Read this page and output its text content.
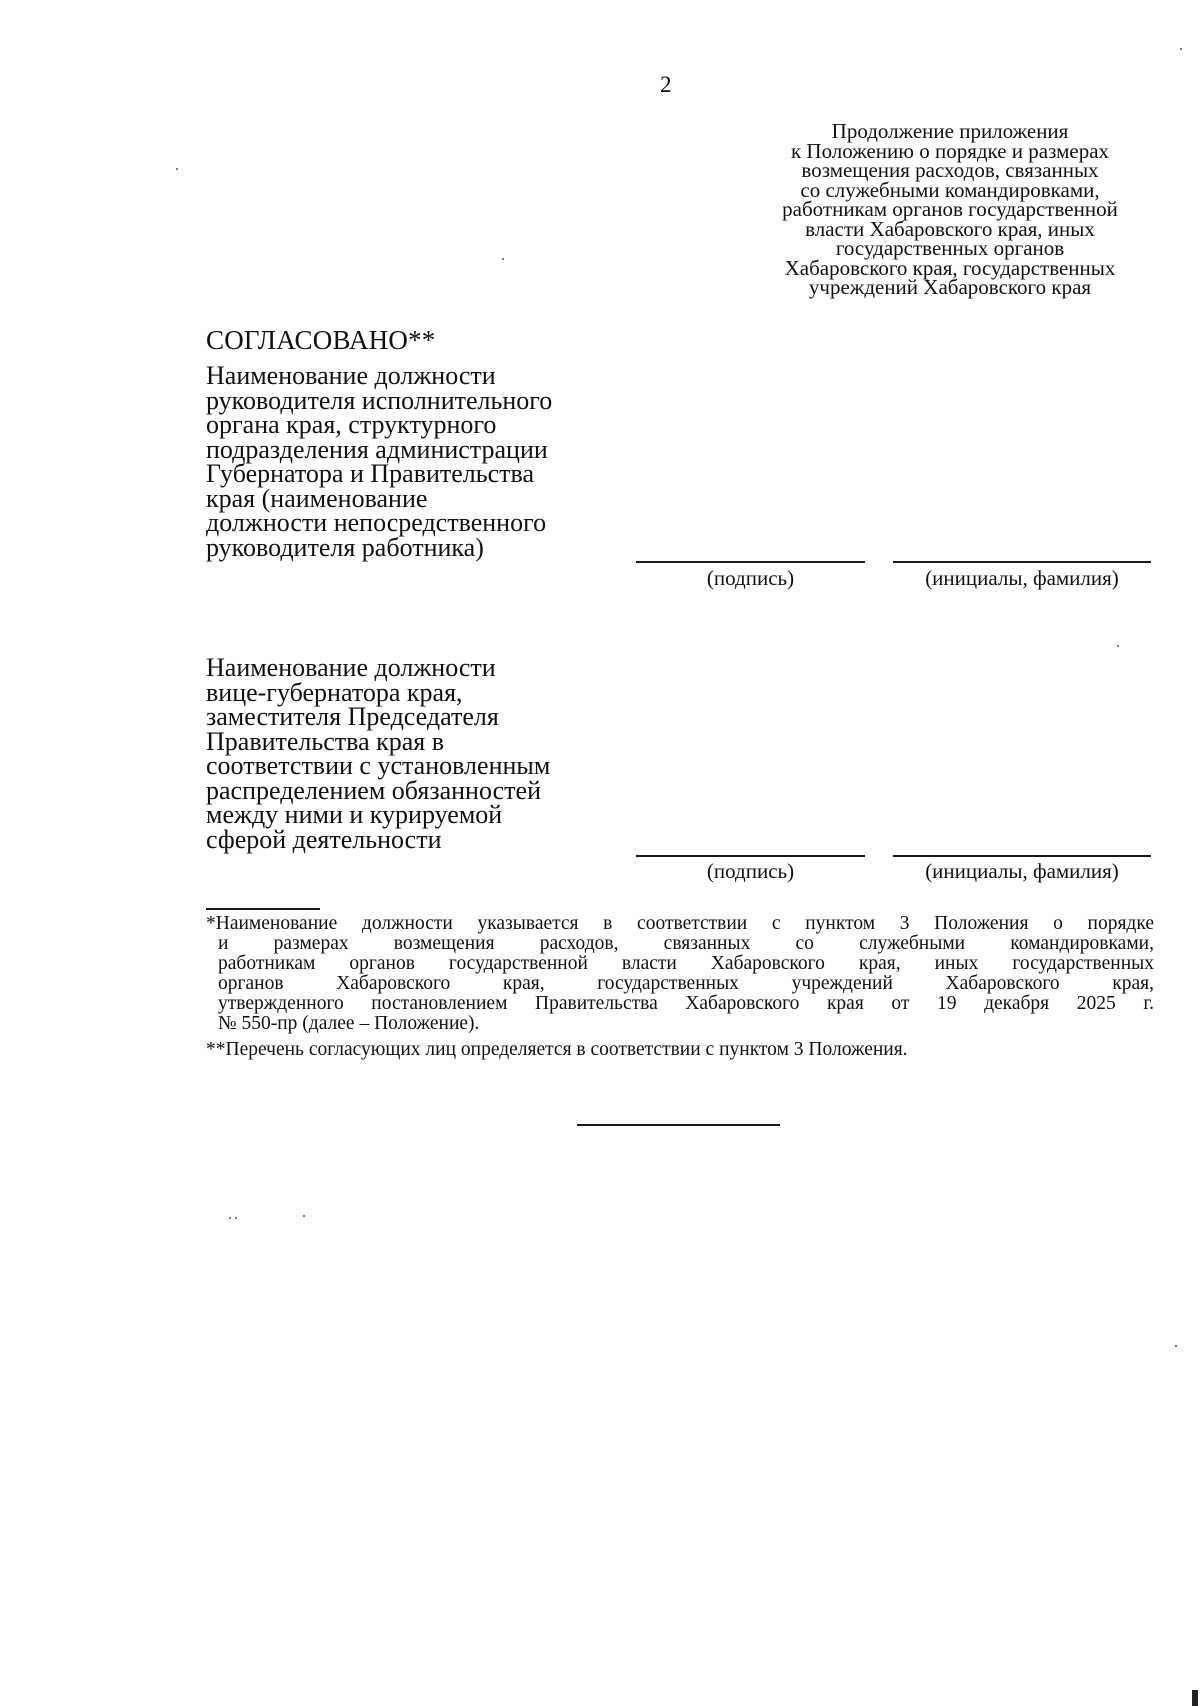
2
Продолжение приложения
к Положению о порядке и размерах
возмещения расходов, связанных
со служебными командировками,
работникам органов государственной
власти Хабаровского края, иных
государственных органов
Хабаровского края, государственных
учреждений Хабаровского края
СОГЛАСОВАНО**
Наименование должности
руководителя исполнительного
органа края, структурного
подразделения администрации
Губернатора и Правительства
края (наименование
должности непосредственного
руководителя работника)
(подпись)	(инициалы, фамилия)
Наименование должности
вице-губернатора края,
заместителя Председателя
Правительства края в
соответствии с установленным
распределением обязанностей
между ними и курируемой
сферой деятельности
(подпись)	(инициалы, фамилия)
*Наименование должности указывается в соответствии с пунктом 3 Положения о порядке
и размерах возмещения расходов, связанных со служебными командировками,
работникам органов государственной власти Хабаровского края, иных государственных
органов Хабаровского края, государственных учреждений Хабаровского края,
утвержденного постановлением Правительства Хабаровского края от 19 декабря 2025 г.
№ 550-пр (далее – Положение).
**Перечень согласующих лиц определяется в соответствии с пунктом 3 Положения.
